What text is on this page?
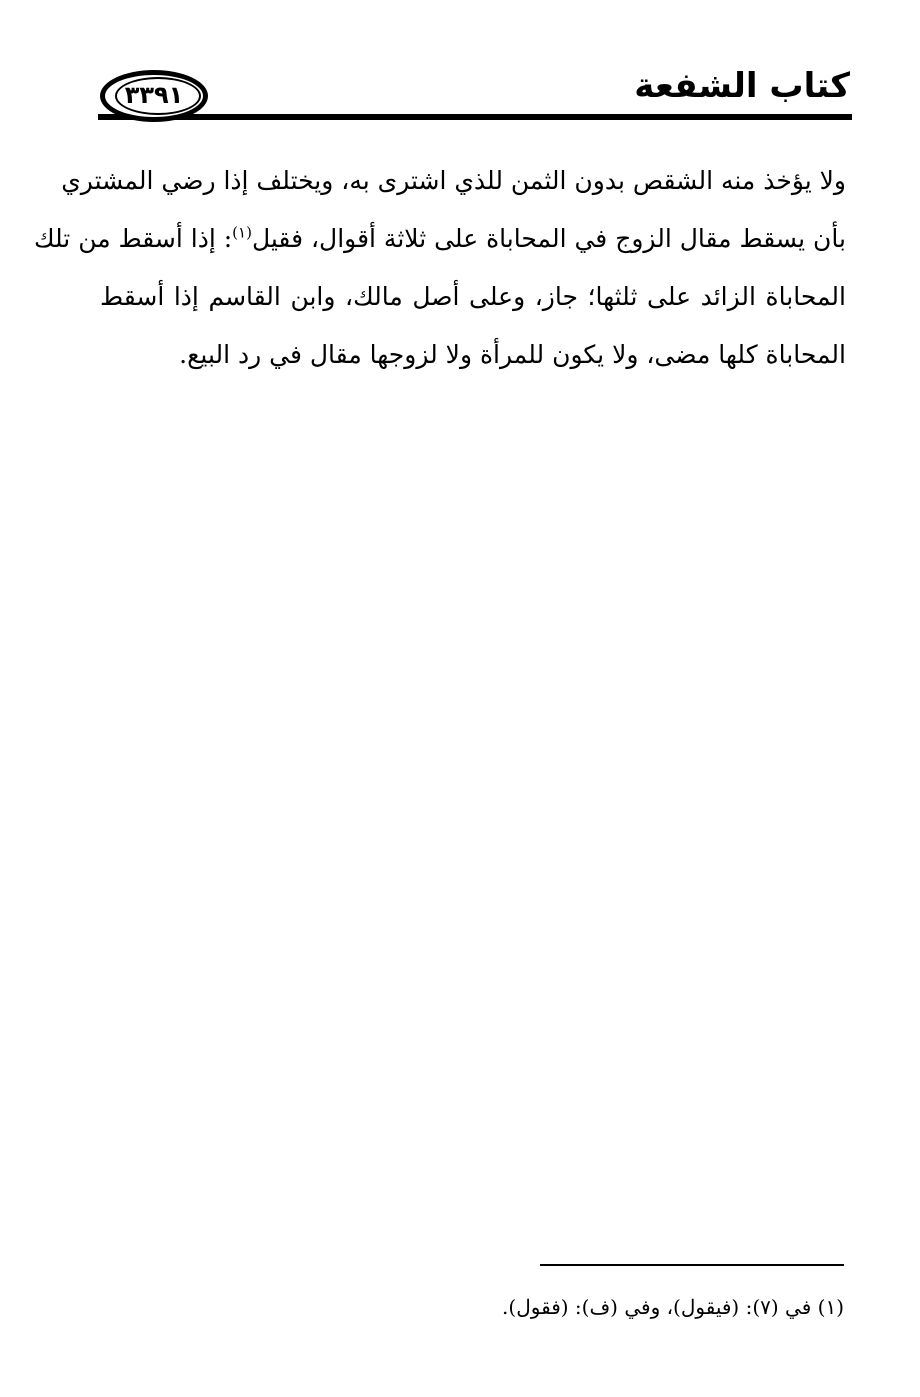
٣٣٩١	كتاب الشفعة
ولا يؤخذ منه الشقص بدون الثمن للذي اشترى به، ويختلف إذا رضي المشتري
بأن يسقط مقال الزوج في المحاباة على ثلاثة أقوال، فقيل$^{(١)}$: إذا أسقط من تلك
المحاباة الزائد على ثلثها؛ جاز، وعلى أصل مالك، وابن القاسم إذا أسقط
المحاباة كلها مضى، ولا يكون للمرأة ولا لزوجها مقال في رد البيع.
(١) في (٧): (فيقول)، وفي (ف): (فقول).
